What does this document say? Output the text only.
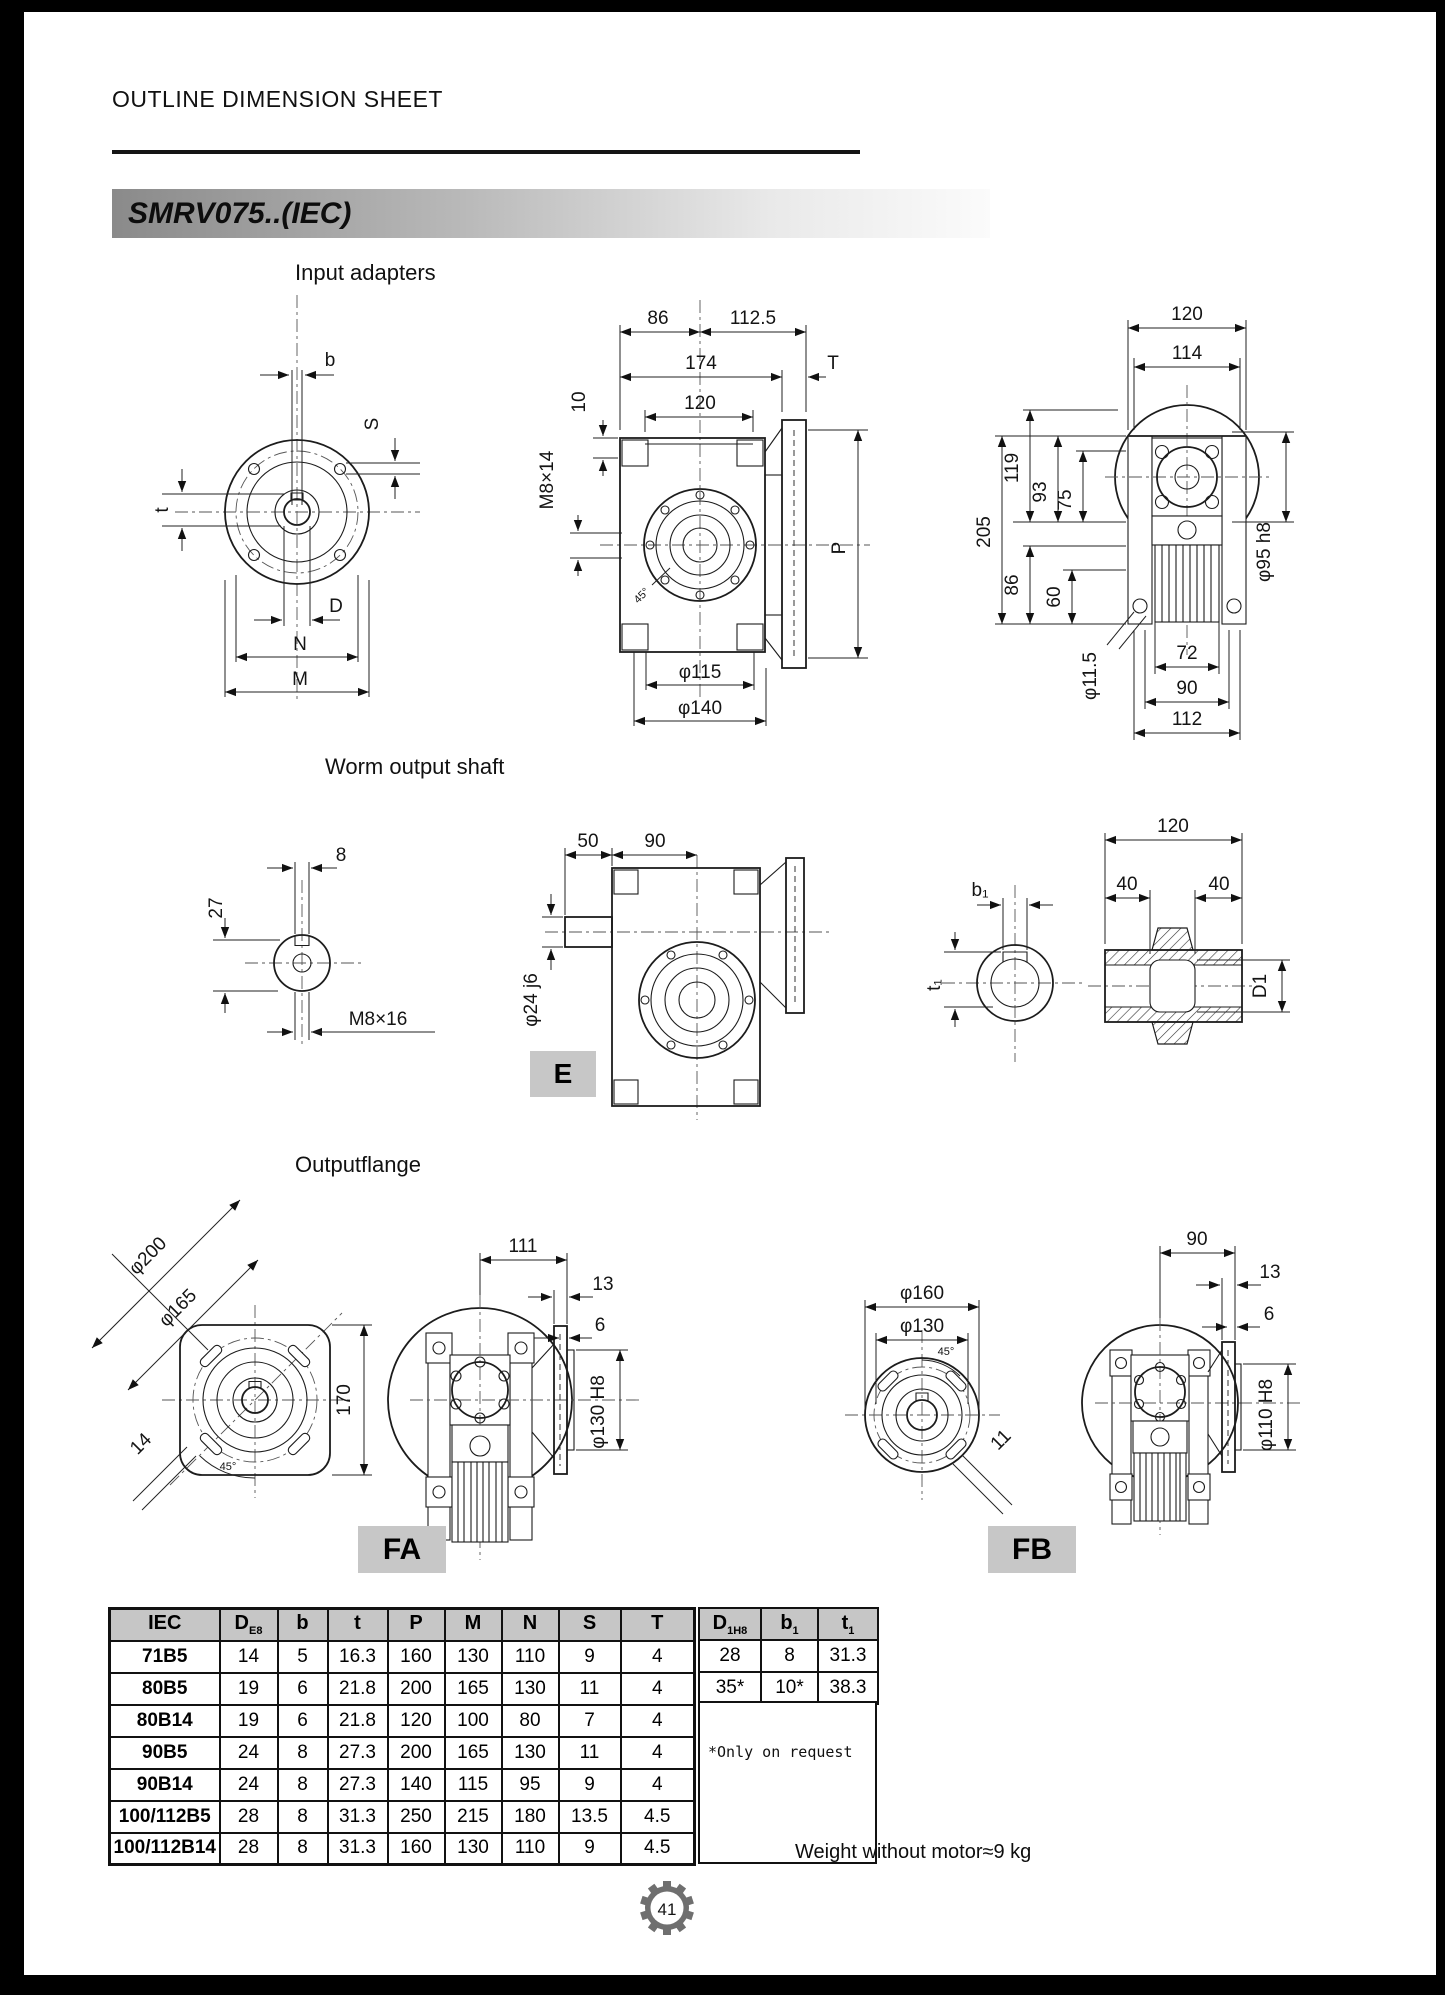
OUTLINE DIMENSION SHEET
SMRV075..(IEC)
Input adapters
Worm output shaft
Outputflange
b
S
t
D
N
M
86	112.5
174	T
120
10
M8×14
P
φ115
φ140
45°
120
114
205
119
93 75
86
60
φ95 h8
72
90
112
φ11.5
8
27
M8×16
50 90
φ24 j6
b₁
t₁
120
40	40
D1
φ200
φ165
170
14
45°
111
13
6
φ130 H8
φ160
φ130
11
45°
90
13
6
φ110 H8
41
E
FA	FB
IEC	$D_{E8}$	b	t	P	M	N	S	T
71B5	14	5	16.3	160	130	110	9	4
80B5	19	6	21.8	200	165	130	11	4
80B14	19	6	21.8	120	100	80	7	4
90B5	24	8	27.3	200	165	130	11	4
90B14	24	8	27.3	140	115	95	9	4
100/112B5	28	8	31.3	250	215	180	13.5	4.5
100/112B14	28	8	31.3	160	130	110	9	4.5
$D_{1H8}$	$b_1$	$t_1$
28	8	31.3
35*	10*	38.3
*Only on request
Weight without motor≈9 kg
